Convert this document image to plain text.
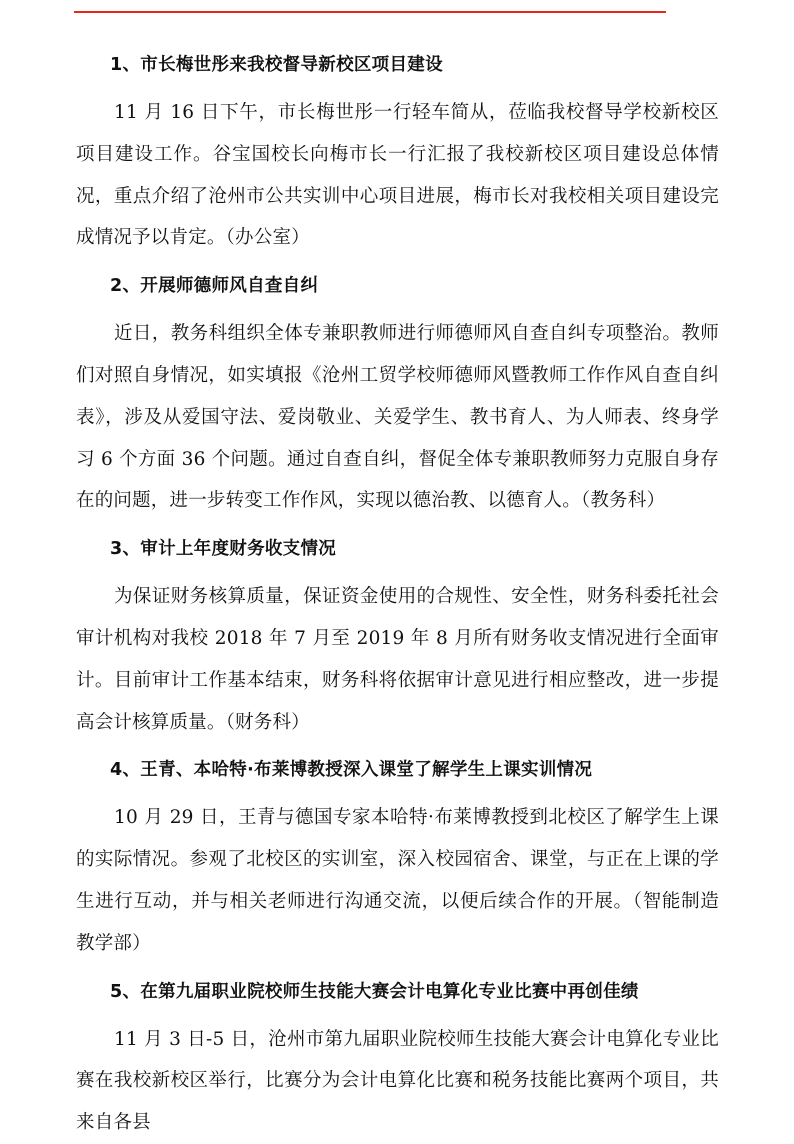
1、市长梅世彤来我校督导新校区项目建设

11 月 16 日下午，市长梅世彤一行轻车简从，莅临我校督导学校新校区项目建设工作。谷宝国校长向梅市长一行汇报了我校新校区项目建设总体情况，重点介绍了沧州市公共实训中心项目进展，梅市长对我校相关项目建设完成情况予以肯定。（办公室）

2、开展师德师风自查自纠

近日，教务科组织全体专兼职教师进行师德师风自查自纠专项整治。教师们对照自身情况，如实填报《沧州工贸学校师德师风暨教师工作作风自查自纠表》，涉及从爱国守法、爱岗敬业、关爱学生、教书育人、为人师表、终身学习 6 个方面 36 个问题。通过自查自纠，督促全体专兼职教师努力克服自身存在的问题，进一步转变工作作风，实现以德治教、以德育人。（教务科）

3、审计上年度财务收支情况

为保证财务核算质量，保证资金使用的合规性、安全性，财务科委托社会审计机构对我校 2018 年 7 月至 2019 年 8 月所有财务收支情况进行全面审计。目前审计工作基本结束，财务科将依据审计意见进行相应整改，进一步提高会计核算质量。（财务科）

4、王青、本哈特·布莱博教授深入课堂了解学生上课实训情况

10 月 29 日，王青与德国专家本哈特·布莱博教授到北校区了解学生上课的实际情况。参观了北校区的实训室，深入校园宿舍、课堂，与正在上课的学生进行互动，并与相关老师进行沟通交流，以便后续合作的开展。（智能制造教学部）

5、在第九届职业院校师生技能大赛会计电算化专业比赛中再创佳绩

11 月 3 日-5 日，沧州市第九届职业院校师生技能大赛会计电算化专业比赛在我校新校区举行，比赛分为会计电算化比赛和税务技能比赛两个项目，共来自各县
